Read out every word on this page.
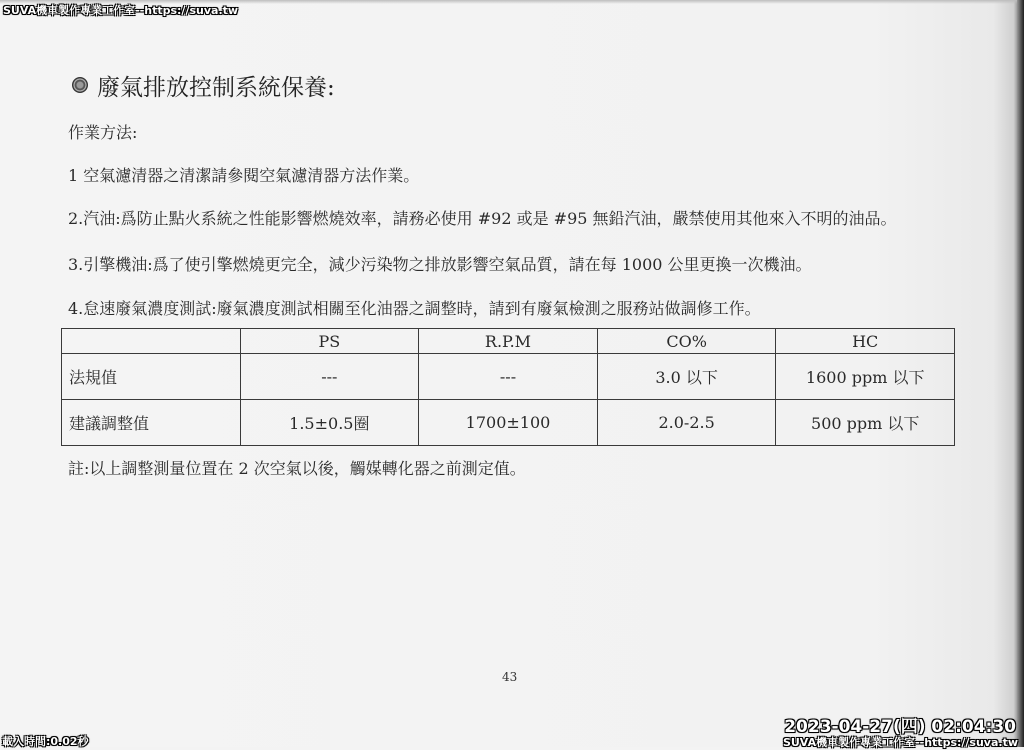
SUVA機車製作專業工作室--https://suva.tw
廢氣排放控制系統保養:
作業方法:
1 空氣濾清器之清潔請參閱空氣濾清器方法作業。
2.汽油:爲防止點火系統之性能影響燃燒效率，請務必使用 #92 或是 #95 無鉛汽油，嚴禁使用其他來入不明的油品。
3.引擎機油:爲了使引擎燃燒更完全，減少污染物之排放影響空氣品質，請在每 1000 公里更換一次機油。
4.怠速廢氣濃度測試:廢氣濃度測試相關至化油器之調整時，請到有廢氣檢測之服務站做調修工作。
	PS	R.P.M	CO%	HC
法規值	---	---	3.0 以下	1600 ppm 以下
建議調整值	1.5±0.5圈	1700±100	2.0-2.5	500 ppm 以下
註:以上調整測量位置在 2 次空氣以後，觸媒轉化器之前測定值。
43
2023-04-27(四) 02:04:30
SUVA機車製作專業工作室--https://suva.tw
載入時間:0.02秒
